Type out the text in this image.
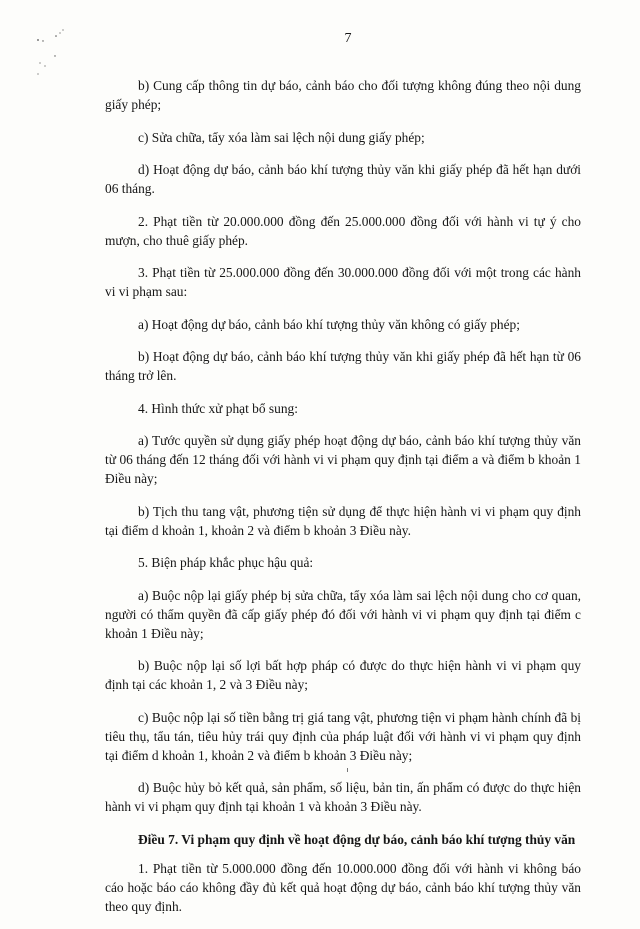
7

b) Cung cấp thông tin dự báo, cảnh báo cho đối tượng không đúng theo nội dung giấy phép;

c) Sửa chữa, tẩy xóa làm sai lệch nội dung giấy phép;

d) Hoạt động dự báo, cảnh báo khí tượng thủy văn khi giấy phép đã hết hạn dưới 06 tháng.

2. Phạt tiền từ 20.000.000 đồng đến 25.000.000 đồng đối với hành vi tự ý cho mượn, cho thuê giấy phép.

3. Phạt tiền từ 25.000.000 đồng đến 30.000.000 đồng đối với một trong các hành vi vi phạm sau:

a) Hoạt động dự báo, cảnh báo khí tượng thủy văn không có giấy phép;

b) Hoạt động dự báo, cảnh báo khí tượng thủy văn khi giấy phép đã hết hạn từ 06 tháng trở lên.

4. Hình thức xử phạt bổ sung:

a) Tước quyền sử dụng giấy phép hoạt động dự báo, cảnh báo khí tượng thủy văn từ 06 tháng đến 12 tháng đối với hành vi vi phạm quy định tại điểm a và điểm b khoản 1 Điều này;

b) Tịch thu tang vật, phương tiện sử dụng để thực hiện hành vi vi phạm quy định tại điểm d khoản 1, khoản 2 và điểm b khoản 3 Điều này.

5. Biện pháp khắc phục hậu quả:

a) Buộc nộp lại giấy phép bị sửa chữa, tẩy xóa làm sai lệch nội dung cho cơ quan, người có thẩm quyền đã cấp giấy phép đó đối với hành vi vi phạm quy định tại điểm c khoản 1 Điều này;

b) Buộc nộp lại số lợi bất hợp pháp có được do thực hiện hành vi vi phạm quy định tại các khoản 1, 2 và 3 Điều này;

c) Buộc nộp lại số tiền bằng trị giá tang vật, phương tiện vi phạm hành chính đã bị tiêu thụ, tẩu tán, tiêu hủy trái quy định của pháp luật đối với hành vi vi phạm quy định tại điểm d khoản 1, khoản 2 và điểm b khoản 3 Điều này;

d) Buộc hủy bỏ kết quả, sản phẩm, số liệu, bản tin, ấn phẩm có được do thực hiện hành vi vi phạm quy định tại khoản 1 và khoản 3 Điều này.

Điều 7. Vi phạm quy định về hoạt động dự báo, cảnh báo khí tượng thủy văn

1. Phạt tiền từ 5.000.000 đồng đến 10.000.000 đồng đối với hành vi không báo cáo hoặc báo cáo không đầy đủ kết quả hoạt động dự báo, cảnh báo khí tượng thủy văn theo quy định.
